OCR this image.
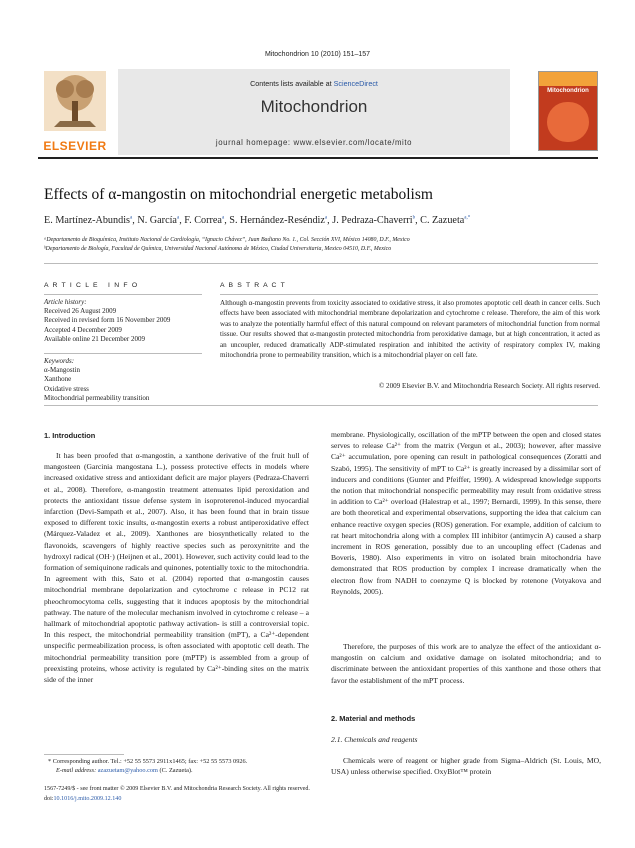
Mitochondrion 10 (2010) 151–157
ELSEVIER
Contents lists available at ScienceDirect
Mitochondrion
journal homepage: www.elsevier.com/locate/mito
Mitochondrion
Effects of α-mangostin on mitochondrial energetic metabolism
E. Martínez-Abundis$^a$, N. García$^a$, F. Correa$^a$, S. Hernández-Reséndiz$^a$, J. Pedraza-Chaverri$^b$, C. Zazueta$^{a,*}$
ᵃDepartamento de Bioquímica, Instituto Nacional de Cardiología, “Ignacio Chávez”, Juan Badiano No. 1., Col. Sección XVI, México 14080, D.F., Mexico
ᵇDepartamento de Biología, Facultad de Química, Universidad Nacional Autónoma de México, Ciudad Universitaria, Mexico 04510, D.F., Mexico
A R T I C L E   I N F O
Article history:
Received 26 August 2009
Received in revised form 16 November 2009
Accepted 4 December 2009
Available online 21 December 2009
Keywords:
α-Mangostin
Xanthone
Oxidative stress
Mitochondrial permeability transition
A B S T R A C T
Although α-mangostin prevents from toxicity associated to oxidative stress, it also promotes apoptotic cell death in cancer cells. Such effects have been associated with mitochondrial membrane depolarization and cytochrome c release. Therefore, the aim of this work was to analyze the potentially harmful effect of this natural compound on relevant parameters of mitochondrial function from normal tissue. Our results showed that α-mangostin protected mitochondria from peroxidative damage, but at high concentration, it acted as an uncoupler, reduced dramatically ADP-stimulated respiration and inhibited the activity of respiratory complex IV, making mitochondria prone to permeability transition, which is a mitochondrial player on cell fate.
© 2009 Elsevier B.V. and Mitochondria Research Society. All rights reserved.
1. Introduction
It has been proofed that α-mangostin, a xanthone derivative of the fruit hull of mangosteen (Garcinia mangostana L.), possess protective effects in models where increased oxidative stress and antioxidant deficit are major players (Pedraza-Chaverri et al., 2008). Therefore, α-mangostin treatment attenuates lipid peroxidation and protects the antioxidant tissue defense system in isoproterenol-induced myocardial infarction (Devi-Sampath et al., 2007). Also, it has been found that in brain tissue exposed to different toxic insults, α-mangostin exerts a robust antiperoxidative effect (Márquez-Valadez et al., 2009). Xanthones are biosynthetically related to the flavonoids, scavengers of highly reactive species such as peroxynitrite and the hydroxyl radical (OH·) (Heijnen et al., 2001). However, such activity could lead to the formation of semiquinone radicals and quinones, potentially toxic to the mitochondria. In agreement with this, Sato et al. (2004) reported that α-mangostin causes mitochondrial membrane depolarization and cytochrome c release in PC12 rat pheochromocytoma cells, suggesting that it induces apoptosis by the mitochondrial pathway. The nature of the molecular mechanism involved in cytochrome c release – a hallmark of mitochondrial apoptotic pathway activation- is still a controversial topic. In this respect, the mitochondrial permeability transition (mPT), a Ca²⁺-dependent unspecific permeabilization process, is often associated with apoptotic cell death. The mitochondrial permeability transition pore (mPTP) is assembled from a group of preexisting proteins, whose activity is regulated by Ca²⁺-binding sites on the matrix side of the inner
membrane. Physiologically, oscillation of the mPTP between the open and closed states serves to release Ca²⁺ from the matrix (Vergun et al., 2003); however, after massive Ca²⁺ accumulation, pore opening can result in pathological consequences (Zoratti and Szabó, 1995). The sensitivity of mPT to Ca²⁺ is greatly increased by a dissimilar sort of inducers and conditions (Gunter and Pfeiffer, 1990). A widespread knowledge supports the notion that mitochondrial nonspecific permeability may result from oxidative stress in addition to Ca²⁺ overload (Halestrap et al., 1997; Bernardi, 1999). In this sense, there are both theoretical and experimental observations, supporting the idea that calcium can enhance reactive oxygen species (ROS) generation. For example, addition of calcium to rat heart mitochondria along with a complex III inhibitor (antimycin A) caused a sharp increment in ROS generation, possibly due to an uncoupling effect (Cadenas and Boveris, 1980). Also experiments in vitro on isolated brain mitochondria have demonstrated that ROS production by complex I increase dramatically when the electron flow from NADH to coenzyme Q is blocked by rotenone (Votyakova and Reynolds, 2005).
Therefore, the purposes of this work are to analyze the effect of the antioxidant α-mangostin on calcium and oxidative damage on isolated mitochondria; and to discriminate between the antioxidant properties of this xanthone and those others that favor the establishment of the mPT process.
2. Material and methods
2.1. Chemicals and reagents
Chemicals were of reagent or higher grade from Sigma–Aldrich (St. Louis, MO, USA) unless otherwise specified. OxyBlot™ protein
* Corresponding author. Tel.: +52 55 5573 2911x1465; fax: +52 55 5573 0926.
E-mail address: azazuetam@yahoo.com (C. Zazueta).
1567-7249/$ - see front matter © 2009 Elsevier B.V. and Mitochondria Research Society. All rights reserved.
doi:10.1016/j.mito.2009.12.140
